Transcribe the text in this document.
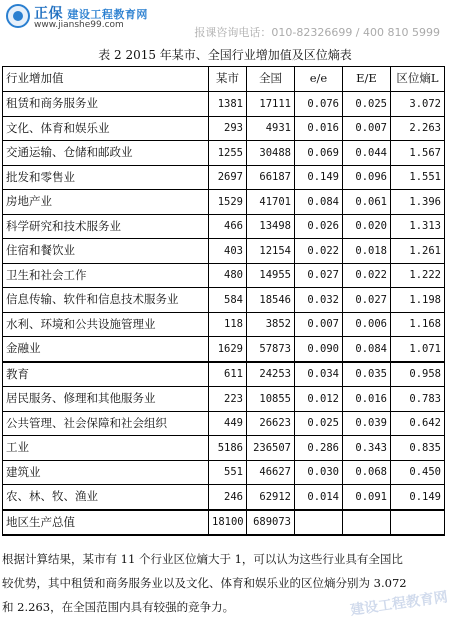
正保 建设工程教育网
www.jianshe99.com
报课咨询电话：010-82326699 / 400 810 5999
表 2 2015 年某市、全国行业增加值及区位熵表
行业增加值	某市	全国	e/e	E/E	区位熵L
租赁和商务服务业	1381	17111	0.076	0.025	3.072
文化、体育和娱乐业	293	4931	0.016	0.007	2.263
交通运输、仓储和邮政业	1255	30488	0.069	0.044	1.567
批发和零售业	2697	66187	0.149	0.096	1.551
房地产业	1529	41701	0.084	0.061	1.396
科学研究和技术服务业	466	13498	0.026	0.020	1.313
住宿和餐饮业	403	12154	0.022	0.018	1.261
卫生和社会工作	480	14955	0.027	0.022	1.222
信息传输、软件和信息技术服务业	584	18546	0.032	0.027	1.198
水利、环境和公共设施管理业	118	3852	0.007	0.006	1.168
金融业	1629	57873	0.090	0.084	1.071
教育	611	24253	0.034	0.035	0.958
居民服务、修理和其他服务业	223	10855	0.012	0.016	0.783
公共管理、社会保障和社会组织	449	26623	0.025	0.039	0.642
工业	5186	236507	0.286	0.343	0.835
建筑业	551	46627	0.030	0.068	0.450
农、林、牧、渔业	246	62912	0.014	0.091	0.149
地区生产总值	18100	689073			

根据计算结果，某市有 11 个行业区位熵大于 1，可以认为这些行业具有全国比

较优势，其中租赁和商务服务业以及文化、体育和娱乐业的区位熵分别为 3.072

和 2.263，在全国范围内具有较强的竞争力。	建设工程教育网
